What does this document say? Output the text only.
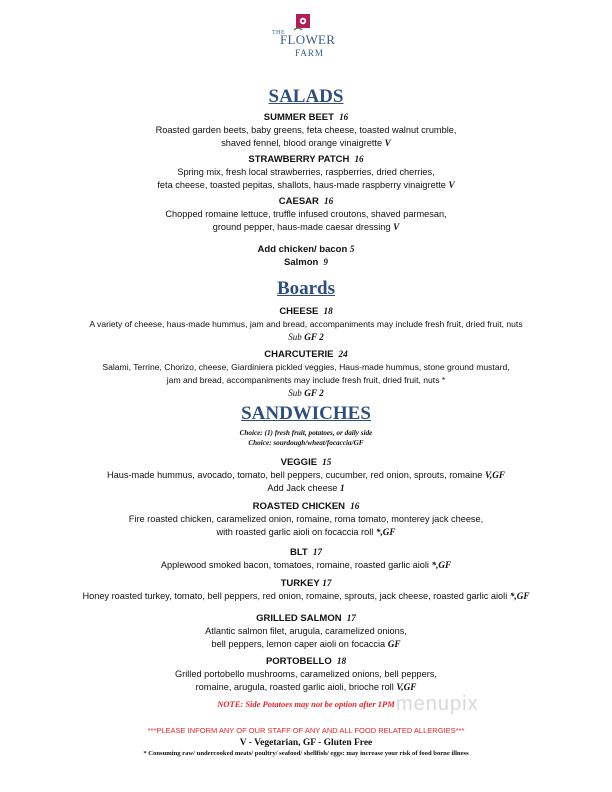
THE
FLOWER
FARM
SALADS
SUMMER BEET 16
Roasted garden beets, baby greens, feta cheese, toasted walnut crumble,
shaved fennel, blood orange vinaigrette V
STRAWBERRY PATCH 16
Spring mix, fresh local strawberries, raspberries, dried cherries,
feta cheese, toasted pepitas, shallots, haus-made raspberry vinaigrette V
CAESAR 16
Chopped romaine lettuce, truffle infused croutons, shaved parmesan,
ground pepper, haus-made caesar dressing V
Add chicken/ bacon 5
Salmon 9
Boards
CHEESE 18
A variety of cheese, haus-made hummus, jam and bread, accompaniments may include fresh fruit, dried fruit, nuts
Sub GF 2
CHARCUTERIE 24
Salami, Terrine, Chorizo, cheese, Giardiniera pickled veggies, Haus-made hummus, stone ground mustard,
jam and bread, accompaniments may include fresh fruit, dried fruit, nuts *
Sub GF 2
SANDWICHES
Choice: (1) fresh fruit, potatoes, or daily side
Choice: sourdough/wheat/focaccia/GF
VEGGIE 15
Haus-made hummus, avocado, tomato, bell peppers, cucumber, red onion, sprouts, romaine V,GF
Add Jack cheese 1
ROASTED CHICKEN 16
Fire roasted chicken, caramelized onion, romaine, roma tomato, monterey jack cheese,
with roasted garlic aioli on focaccia roll *,GF
BLT 17
Applewood smoked bacon, tomatoes, romaine, roasted garlic aioli *,GF
TURKEY 17
Honey roasted turkey, tomato, bell peppers, red onion, romaine, sprouts, jack cheese, roasted garlic aioli *,GF
GRILLED SALMON 17
Atlantic salmon filet, arugula, caramelized onions,
bell peppers, lemon caper aioli on focaccia GF
PORTOBELLO 18
Grilled portobello mushrooms, caramelized onions, bell peppers,
romaine, arugula, roasted garlic aioli, brioche roll V,GF
NOTE: Side Potatoes may not be option after 1PM menupix
***PLEASE INFORM ANY OF OUR STAFF OF ANY AND ALL FOOD RELATED ALLERGIES***
V - Vegetarian, GF - Gluten Free
* Consuming raw/ undercooked meats/ poultry/ seafood/ shellfish/ eggs: may increase your risk of food borne illness
